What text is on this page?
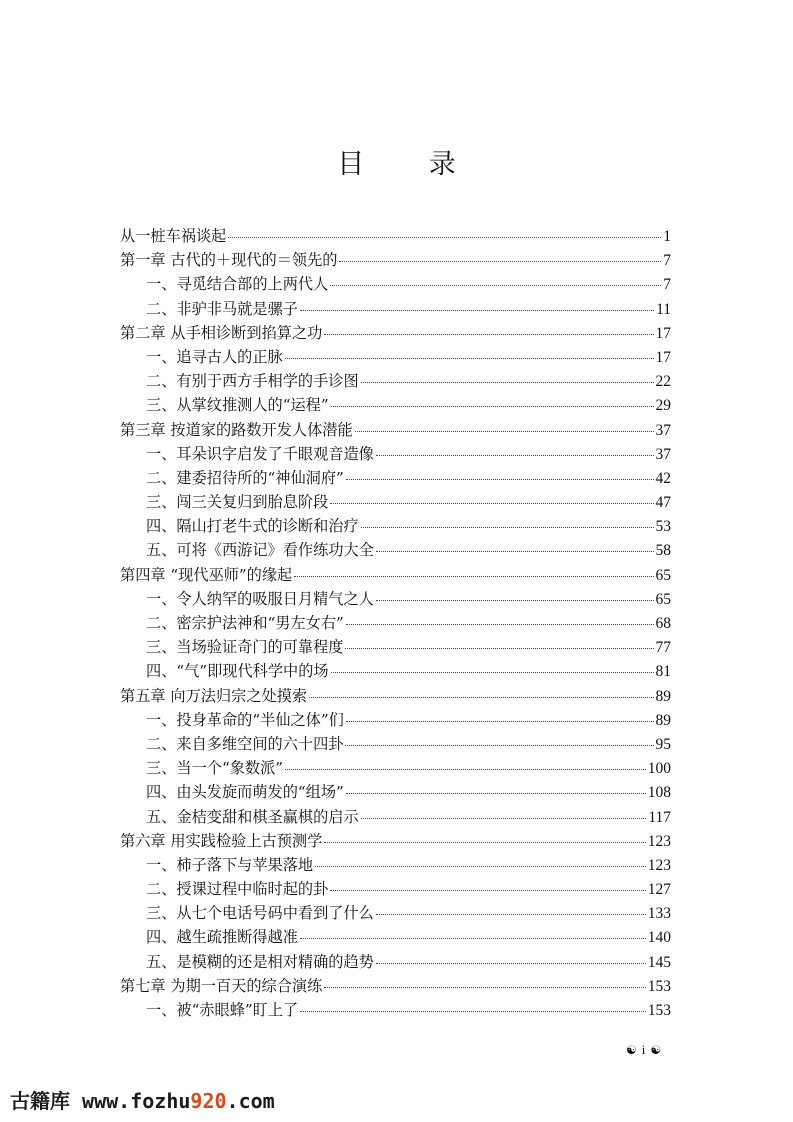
目 录
从一桩车祸谈起	1
第一章 古代的＋现代的＝领先的	7
一、寻觅结合部的上两代人	7
二、非驴非马就是骡子	11
第二章 从手相诊断到掐算之功	17
一、追寻古人的正脉	17
二、有别于西方手相学的手诊图	22
三、从掌纹推测人的“运程”	29
第三章 按道家的路数开发人体潜能	37
一、耳朵识字启发了千眼观音造像	37
二、建委招待所的“神仙洞府”	42
三、闯三关复归到胎息阶段	47
四、隔山打老牛式的诊断和治疗	53
五、可将《西游记》看作练功大全	58
第四章 “现代巫师”的缘起	65
一、令人纳罕的吸服日月精气之人	65
二、密宗护法神和“男左女右”	68
三、当场验证奇门的可靠程度	77
四、“气”即现代科学中的场	81
第五章 向万法归宗之处摸索	89
一、投身革命的“半仙之体”们	89
二、来自多维空间的六十四卦	95
三、当一个“象数派”	100
四、由头发旋而萌发的“组场”	108
五、金桔变甜和棋圣赢棋的启示	117
第六章 用实践检验上古预测学	123
一、柿子落下与苹果落地	123
二、授课过程中临时起的卦	127
三、从七个电话号码中看到了什么	133
四、越生疏推断得越准	140
五、是模糊的还是相对精确的趋势	145
第七章 为期一百天的综合演练	153
一、被“赤眼蜂”盯上了	153
☯ i ☯
古籍库 www.fozhu920.com
